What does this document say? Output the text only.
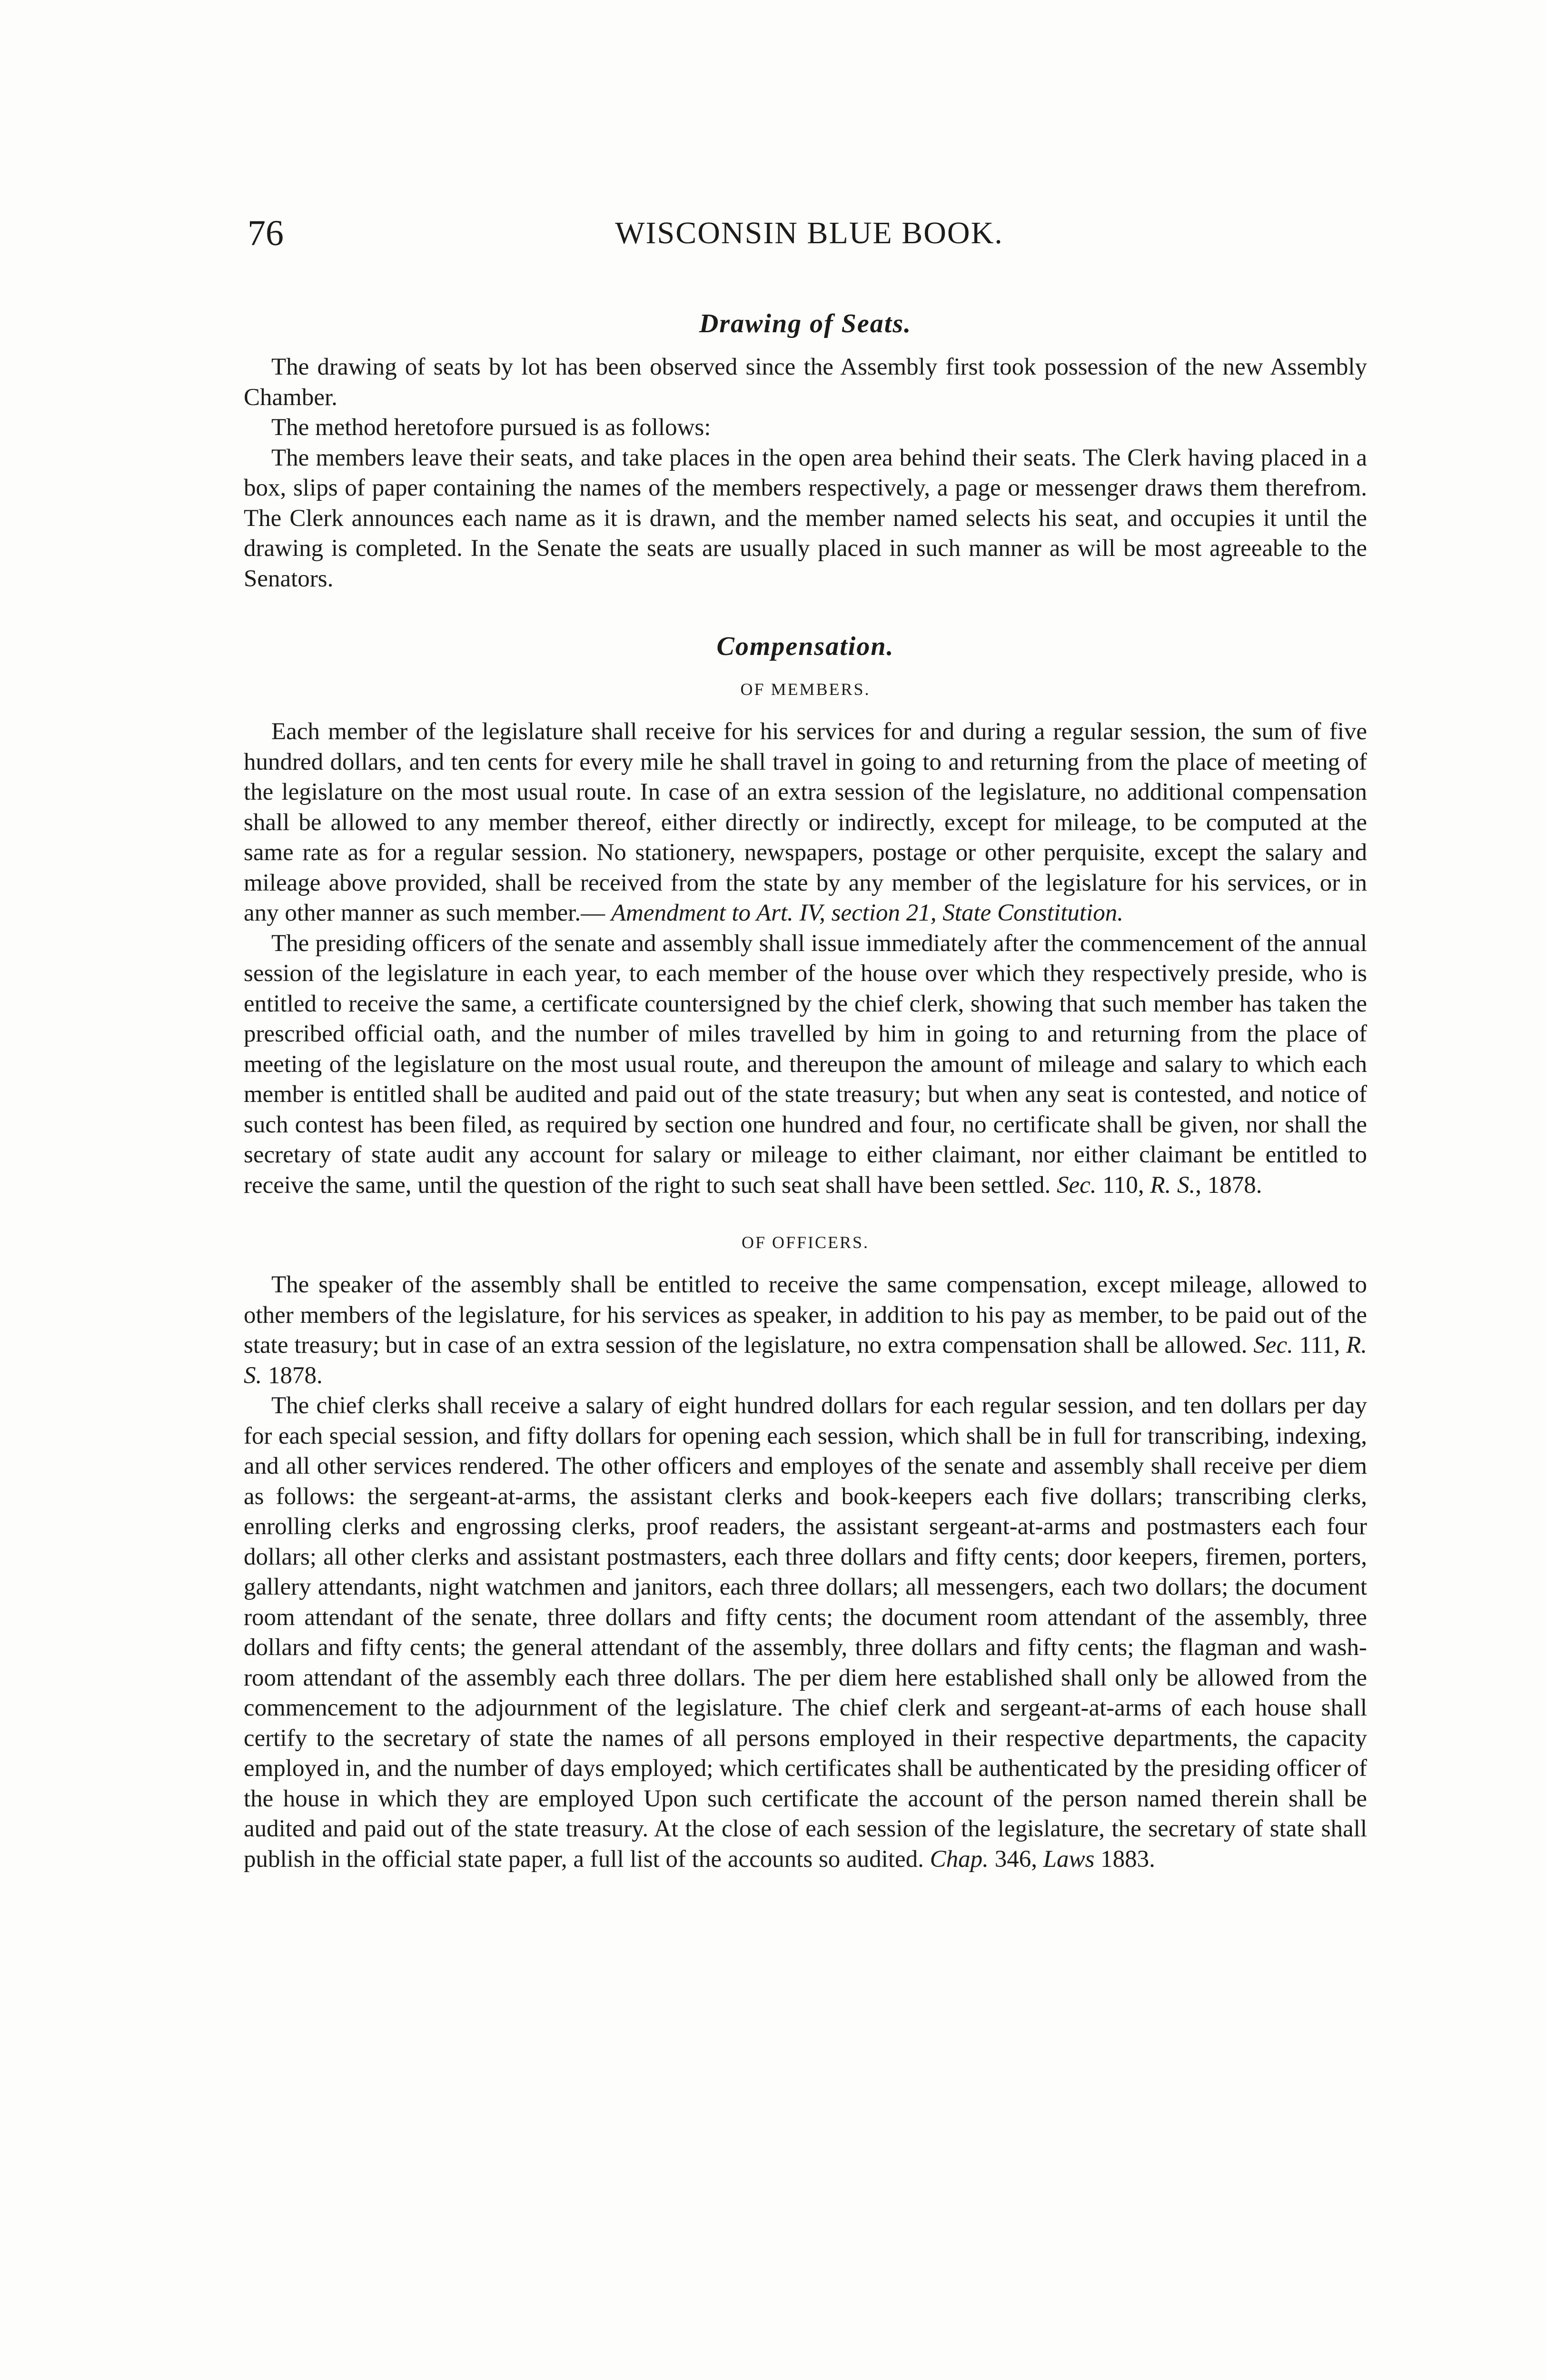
76	WISCONSIN BLUE BOOK.
Drawing of Seats.

The drawing of seats by lot has been observed since the Assembly first took possession of the new Assembly Chamber.

The method heretofore pursued is as follows:

The members leave their seats, and take places in the open area behind their seats. The Clerk having placed in a box, slips of paper containing the names of the members respectively, a page or messenger draws them therefrom. The Clerk announces each name as it is drawn, and the member named selects his seat, and occupies it until the drawing is completed. In the Senate the seats are usually placed in such manner as will be most agreeable to the Senators.

Compensation.
OF MEMBERS.

Each member of the legislature shall receive for his services for and during a regular session, the sum of five hundred dollars, and ten cents for every mile he shall travel in going to and returning from the place of meeting of the legislature on the most usual route. In case of an extra session of the legislature, no additional compensation shall be allowed to any member thereof, either directly or indirectly, except for mileage, to be computed at the same rate as for a regular session. No stationery, newspapers, postage or other perquisite, except the salary and mileage above provided, shall be received from the state by any member of the legislature for his services, or in any other manner as such member.— Amendment to Art. IV, section 21, State Constitution.

The presiding officers of the senate and assembly shall issue immediately after the commencement of the annual session of the legislature in each year, to each member of the house over which they respectively preside, who is entitled to receive the same, a certificate countersigned by the chief clerk, showing that such member has taken the prescribed official oath, and the number of miles travelled by him in going to and returning from the place of meeting of the legislature on the most usual route, and thereupon the amount of mileage and salary to which each member is entitled shall be audited and paid out of the state treasury; but when any seat is contested, and notice of such contest has been filed, as required by section one hundred and four, no certificate shall be given, nor shall the secretary of state audit any account for salary or mileage to either claimant, nor either claimant be entitled to receive the same, until the question of the right to such seat shall have been settled. Sec. 110, R. S., 1878.

OF OFFICERS.

The speaker of the assembly shall be entitled to receive the same compensation, except mileage, allowed to other members of the legislature, for his services as speaker, in addition to his pay as member, to be paid out of the state treasury; but in case of an extra session of the legislature, no extra compensation shall be allowed. Sec. 111, R. S. 1878.

The chief clerks shall receive a salary of eight hundred dollars for each regular session, and ten dollars per day for each special session, and fifty dollars for opening each session, which shall be in full for transcribing, indexing, and all other services rendered. The other officers and employes of the senate and assembly shall receive per diem as follows: the sergeant-at-arms, the assistant clerks and book-keepers each five dollars; transcribing clerks, enrolling clerks and engrossing clerks, proof readers, the assistant sergeant-at-arms and postmasters each four dollars; all other clerks and assistant postmasters, each three dollars and fifty cents; door keepers, firemen, porters, gallery attendants, night watchmen and janitors, each three dollars; all messengers, each two dollars; the document room attendant of the senate, three dollars and fifty cents; the document room attendant of the assembly, three dollars and fifty cents; the general attendant of the assembly, three dollars and fifty cents; the flagman and wash-room attendant of the assembly each three dollars. The per diem here established shall only be allowed from the commencement to the adjournment of the legislature. The chief clerk and sergeant-at-arms of each house shall certify to the secretary of state the names of all persons employed in their respective departments, the capacity employed in, and the number of days employed; which certificates shall be authenticated by the presiding officer of the house in which they are employed Upon such certificate the account of the person named therein shall be audited and paid out of the state treasury. At the close of each session of the legislature, the secretary of state shall publish in the official state paper, a full list of the accounts so audited. Chap. 346, Laws 1883.
